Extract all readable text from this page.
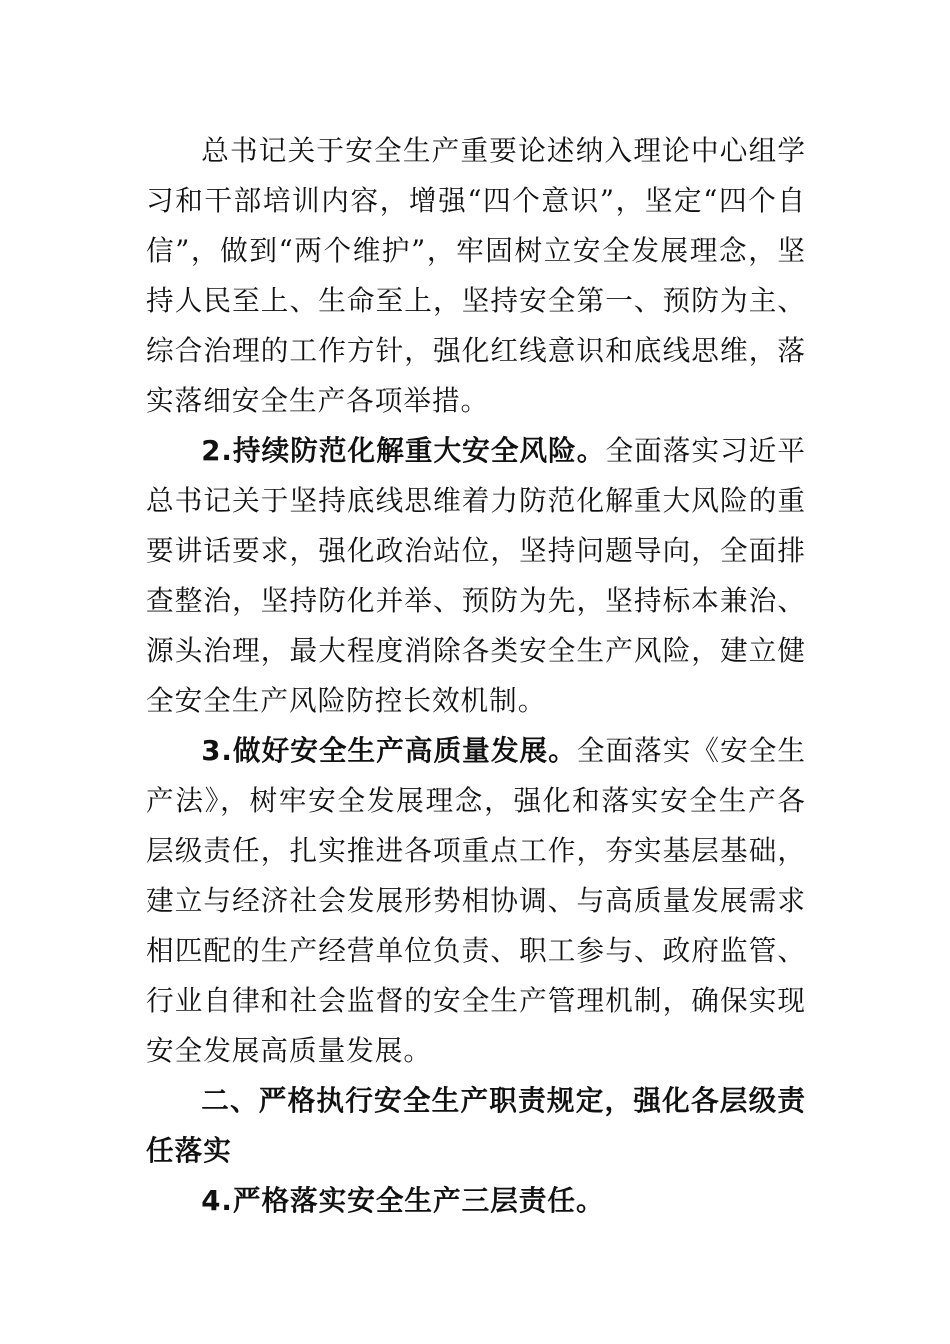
总书记关于安全生产重要论述纳入理论中心组学习和干部培训内容，增强“四个意识”，坚定“四个自信”，做到“两个维护”，牢固树立安全发展理念，坚持人民至上、生命至上，坚持安全第一、预防为主、综合治理的工作方针，强化红线意识和底线思维，落实落细安全生产各项举措。

2.持续防范化解重大安全风险。全面落实习近平总书记关于坚持底线思维着力防范化解重大风险的重要讲话要求，强化政治站位，坚持问题导向，全面排查整治，坚持防化并举、预防为先，坚持标本兼治、源头治理，最大程度消除各类安全生产风险，建立健全安全生产风险防控长效机制。

3.做好安全生产高质量发展。全面落实《安全生产法》，树牢安全发展理念，强化和落实安全生产各层级责任，扎实推进各项重点工作，夯实基层基础，建立与经济社会发展形势相协调、与高质量发展需求相匹配的生产经营单位负责、职工参与、政府监管、行业自律和社会监督的安全生产管理机制，确保实现安全发展高质量发展。

二、严格执行安全生产职责规定，强化各层级责任落实

4.严格落实安全生产三层责任。
